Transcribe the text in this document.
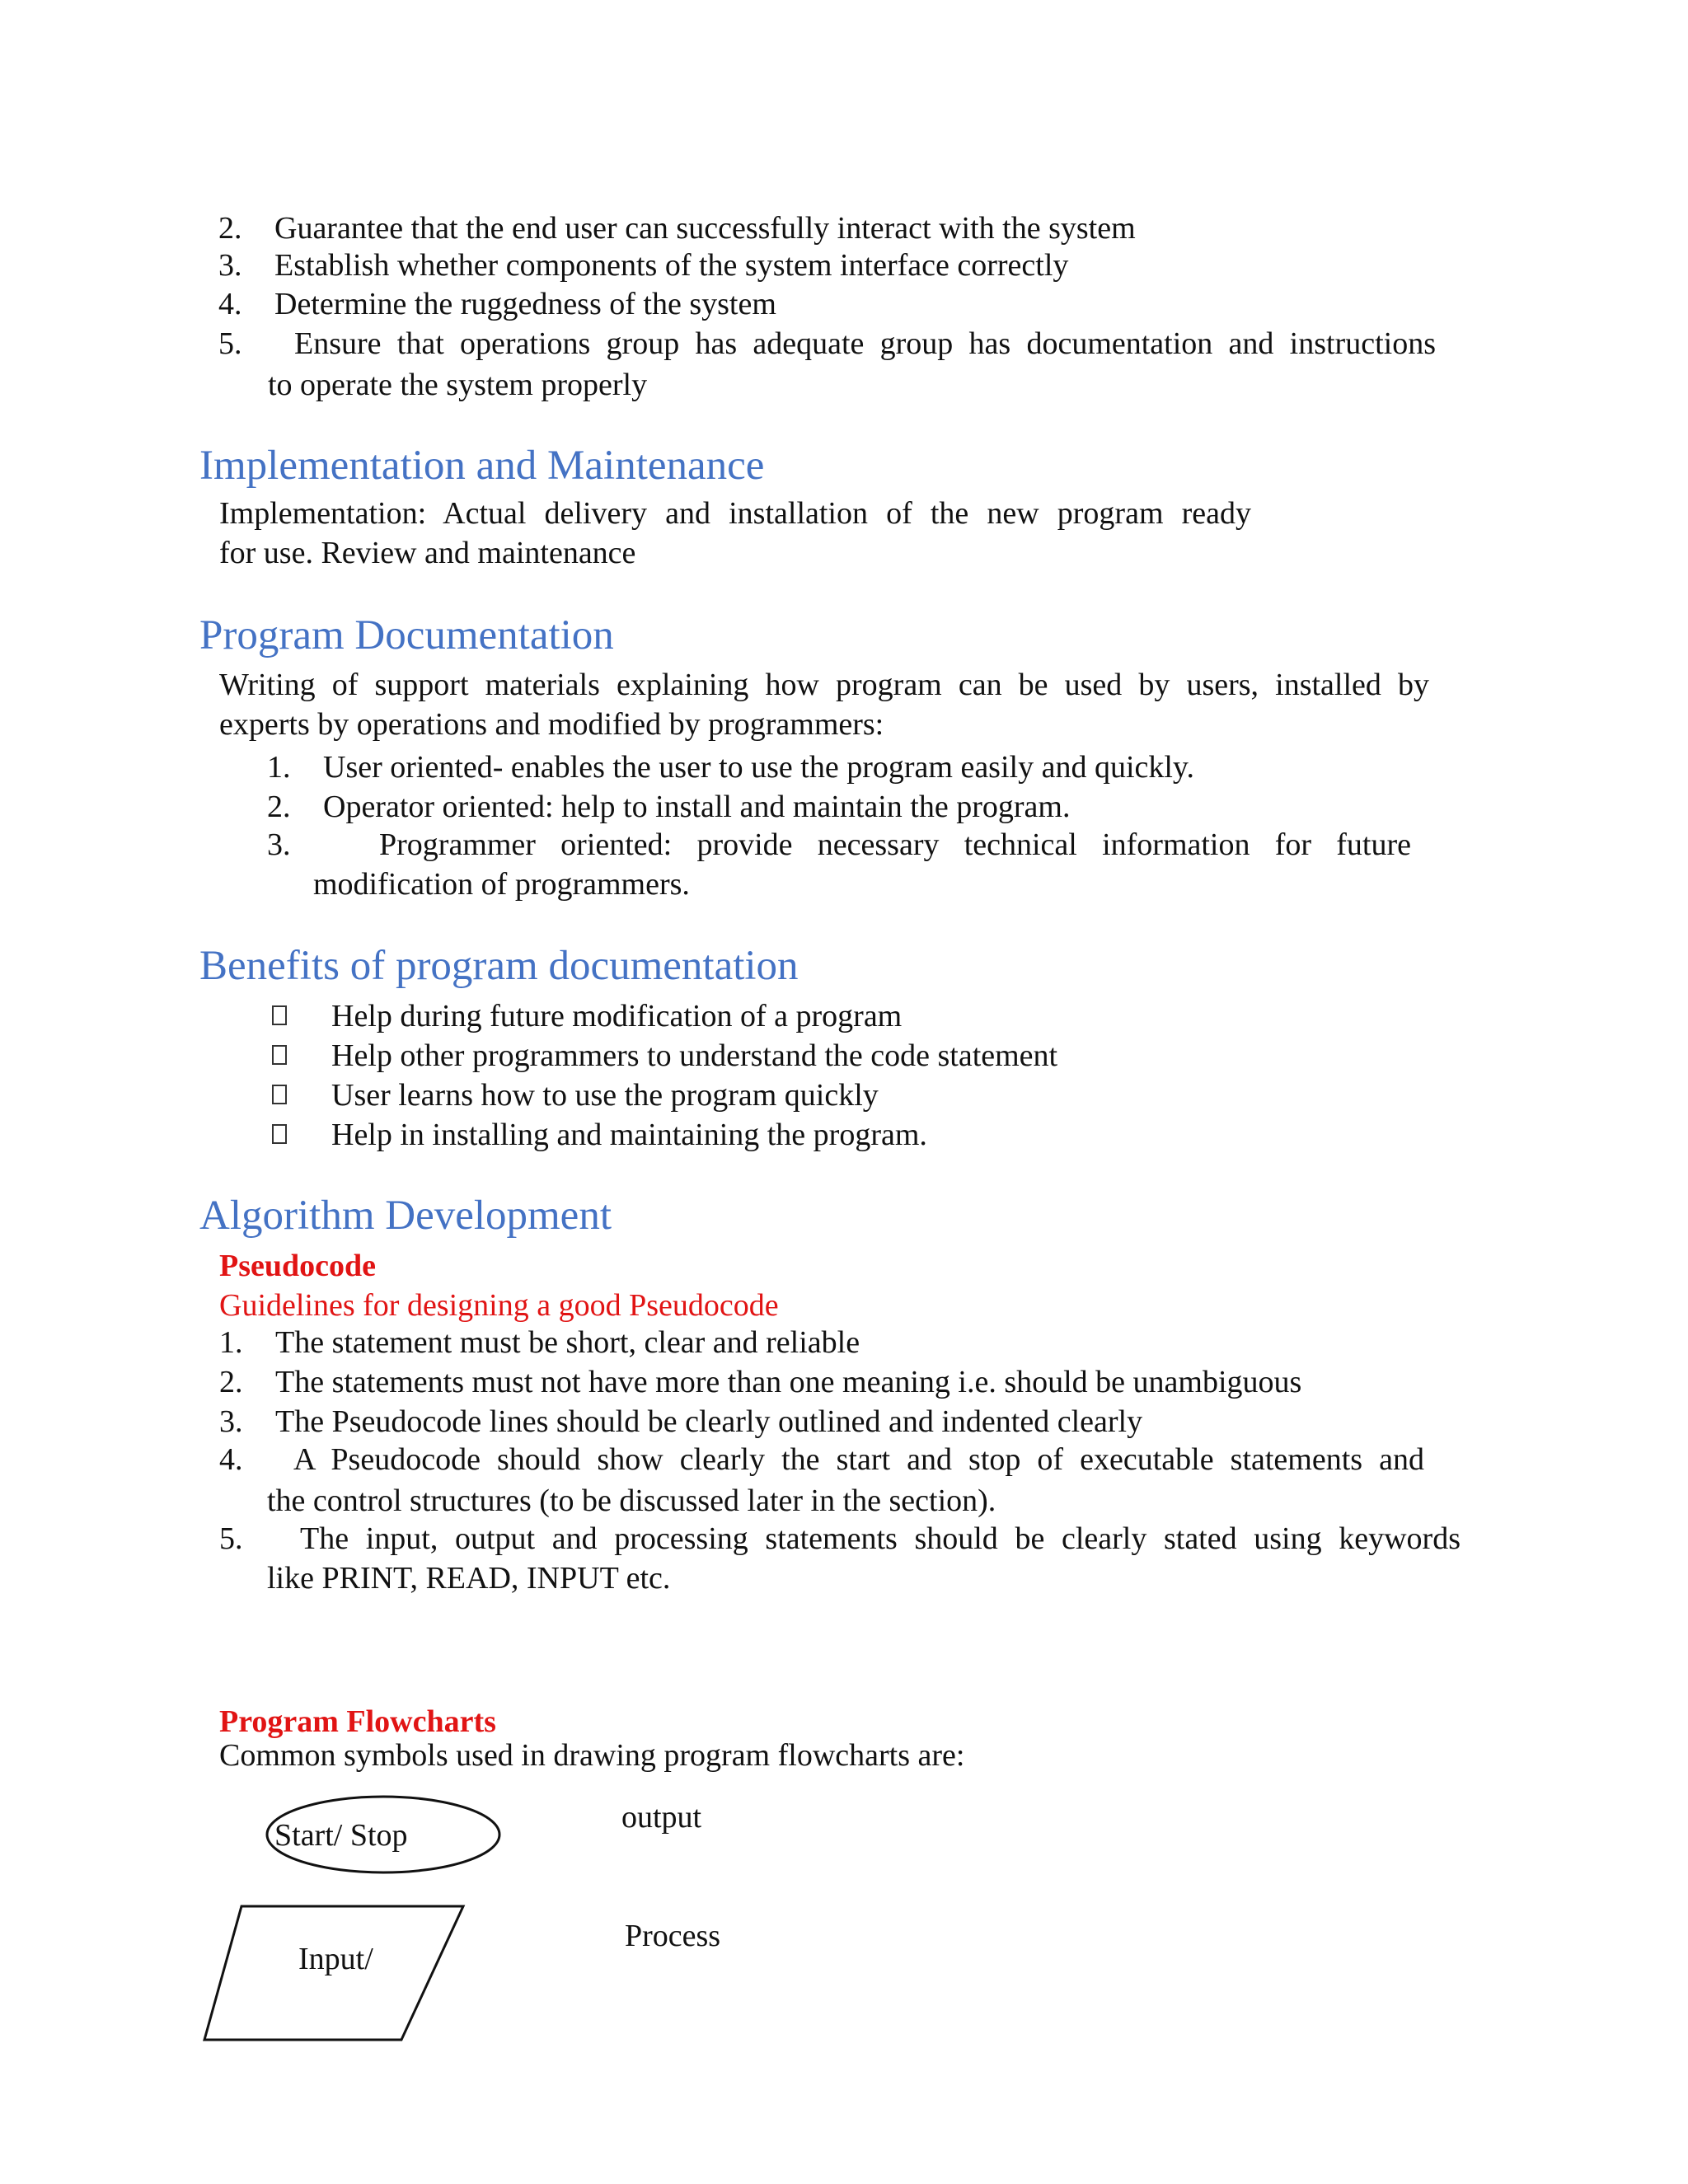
2. Guarantee that the end user can successfully interact with the system
3. Establish whether components of the system interface correctly
4. Determine the ruggedness of the system
5. Ensure that operations group has adequate group has documentation and instructions
to operate the system properly
Implementation and Maintenance
Implementation: Actual delivery and installation of the new program ready
for use. Review and maintenance
Program Documentation
Writing of support materials explaining how program can be used by users, installed by
experts by operations and modified by programmers:
1. User oriented- enables the user to use the program easily and quickly.
2. Operator oriented: help to install and maintain the program.
3.	Programmer oriented: provide necessary technical information for future
modification of programmers.
Benefits of program documentation
Help during future modification of a program
Help other programmers to understand the code statement
User learns how to use the program quickly
Help in installing and maintaining the program.
Algorithm Development
Pseudocode
Guidelines for designing a good Pseudocode
1. The statement must be short, clear and reliable
2. The statements must not have more than one meaning i.e. should be unambiguous
3. The Pseudocode lines should be clearly outlined and indented clearly
4. A Pseudocode should show clearly the start and stop of executable statements and
the control structures (to be discussed later in the section).
5. The input, output and processing statements should be clearly stated using keywords
like PRINT, READ, INPUT etc.
Program Flowcharts
Common symbols used in drawing program flowcharts are:
Start/ Stop
output
Input/
Process
